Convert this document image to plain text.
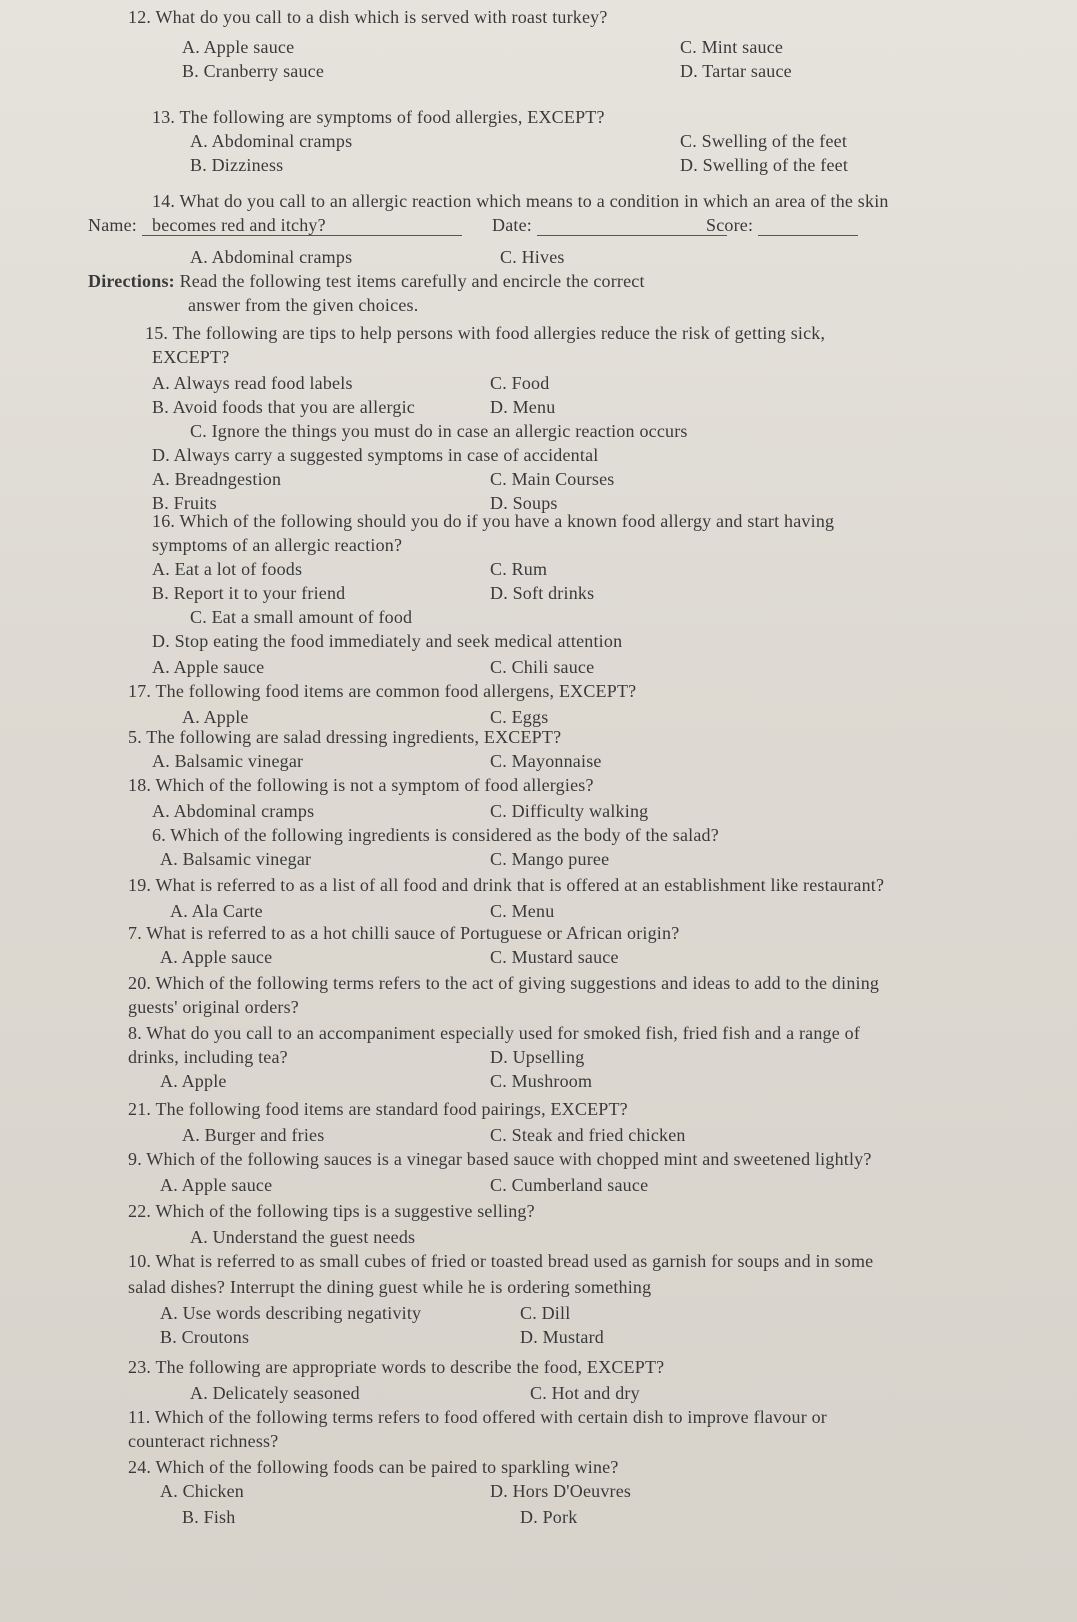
12. What do you call to a dish which is served with roast turkey?
A. Apple sauce	C. Mint sauce
B. Cranberry sauce	D. Tartar sauce
13. The following are symptoms of food allergies, EXCEPT?
A. Abdominal cramps	C. Swelling of the feet
B. Dizziness	D. Swelling of the feet
14. What do you call to an allergic reaction which means to a condition in which an area of the skin
becomes red and itchy?
A. Abdominal cramps	C. Hives
15. The following are tips to help persons with food allergies reduce the risk of getting sick,
EXCEPT?
A. Always read food labels	C. Food
B. Avoid foods that you are allergic	D. Menu
C. Ignore the things you must do in case an allergic reaction occurs
D. Always carry a suggested symptoms in case of accidental
A. Breadngestion	C. Main Courses
B. Fruits	D. Soups
16. Which of the following should you do if you have a known food allergy and start having
symptoms of an allergic reaction?
A. Eat a lot of foods	C. Rum
B. Report it to your friend	D. Soft drinks
C. Eat a small amount of food
D. Stop eating the food immediately and seek medical attention
A. Apple sauce	C. Chili sauce
17. The following food items are common food allergens, EXCEPT?
A. Apple	C. Eggs
5. The following are salad dressing ingredients, EXCEPT?
A. Balsamic vinegar	C. Mayonnaise
18. Which of the following is not a symptom of food allergies?
A. Abdominal cramps	C. Difficulty walking
6. Which of the following ingredients is considered as the body of the salad?
A. Balsamic vinegar	C. Mango puree
19. What is referred to as a list of all food and drink that is offered at an establishment like restaurant?
A. Ala Carte	C. Menu
7. What is referred to as a hot chilli sauce of Portuguese or African origin?
A. Apple sauce	C. Mustard sauce
20. Which of the following terms refers to the act of giving suggestions and ideas to add to the dining
guests' original orders?
8. What do you call to an accompaniment especially used for smoked fish, fried fish and a range of
drinks, including tea?	D. Upselling
A. Apple	C. Mushroom
21. The following food items are standard food pairings, EXCEPT?
A. Burger and fries	C. Steak and fried chicken
9. Which of the following sauces is a vinegar based sauce with chopped mint and sweetened lightly?
A. Apple sauce	C. Cumberland sauce
22. Which of the following tips is a suggestive selling?
A. Understand the guest needs
10. What is referred to as small cubes of fried or toasted bread used as garnish for soups and in some
salad dishes? Interrupt the dining guest while he is ordering something
A. Use words describing negativity	C. Dill
B. Croutons	D. Mustard
23. The following are appropriate words to describe the food, EXCEPT?
A. Delicately seasoned	C. Hot and dry
11. Which of the following terms refers to food offered with certain dish to improve flavour or
counteract richness?
24. Which of the following foods can be paired to sparkling wine?
A. Chicken	D. Hors D'Oeuvres
B. Fish	D. Pork
Name:	Date:	Score:
Directions: Read the following test items carefully and encircle the correct
answer from the given choices.
